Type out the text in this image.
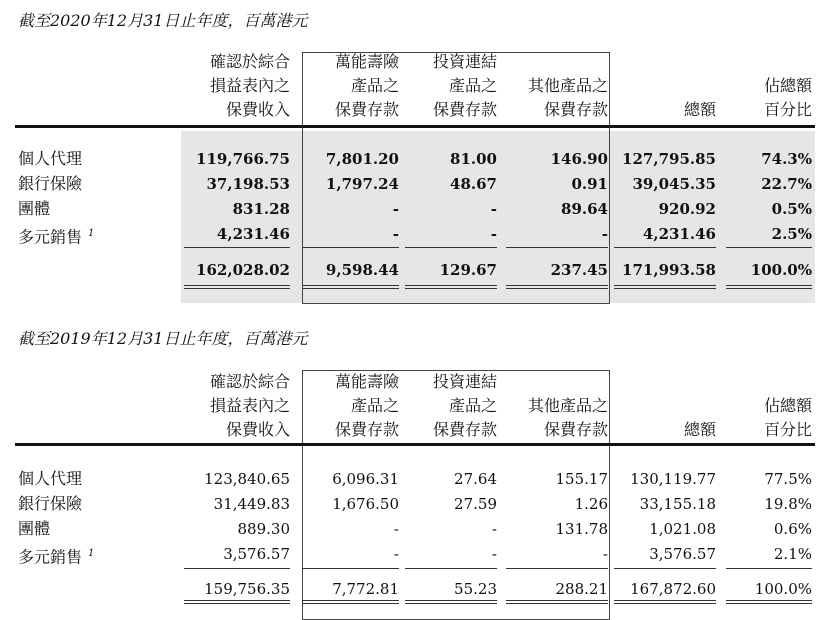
截至2020年12月31日止年度，百萬港元
確認於綜合
損益表內之
保費收入
萬能壽險
產品之
保費存款
投資連結
產品之
保費存款
其他產品之
保費存款	總額
佔總額
百分比
個人代理	119,766.75	7,801.20	81.00	146.90 127,795.85	74.3%
銀行保險	37,198.53	1,797.24	48.67	0.91	39,045.35	22.7%
團體	831.28	-	-	89.64	920.92	0.5%
多元銷售 $^1$	4,231.46	-	-	-	4,231.46	2.5%
162,028.02	9,598.44	129.67	237.45 171,993.58	100.0%
截至2019年12月31日止年度，百萬港元
確認於綜合
損益表內之
保費收入
萬能壽險
產品之
保費存款
投資連結
產品之
保費存款
其他產品之
保費存款	總額
佔總額
百分比
個人代理	123,840.65	6,096.31	27.64	155.17	130,119.77	77.5%
銀行保險	31,449.83	1,676.50	27.59	1.26	33,155.18	19.8%
團體	889.30	-	-	131.78	1,021.08	0.6%
多元銷售 $^1$	3,576.57	-	-	-	3,576.57	2.1%
159,756.35	7,772.81	55.23	288.21	167,872.60	100.0%
